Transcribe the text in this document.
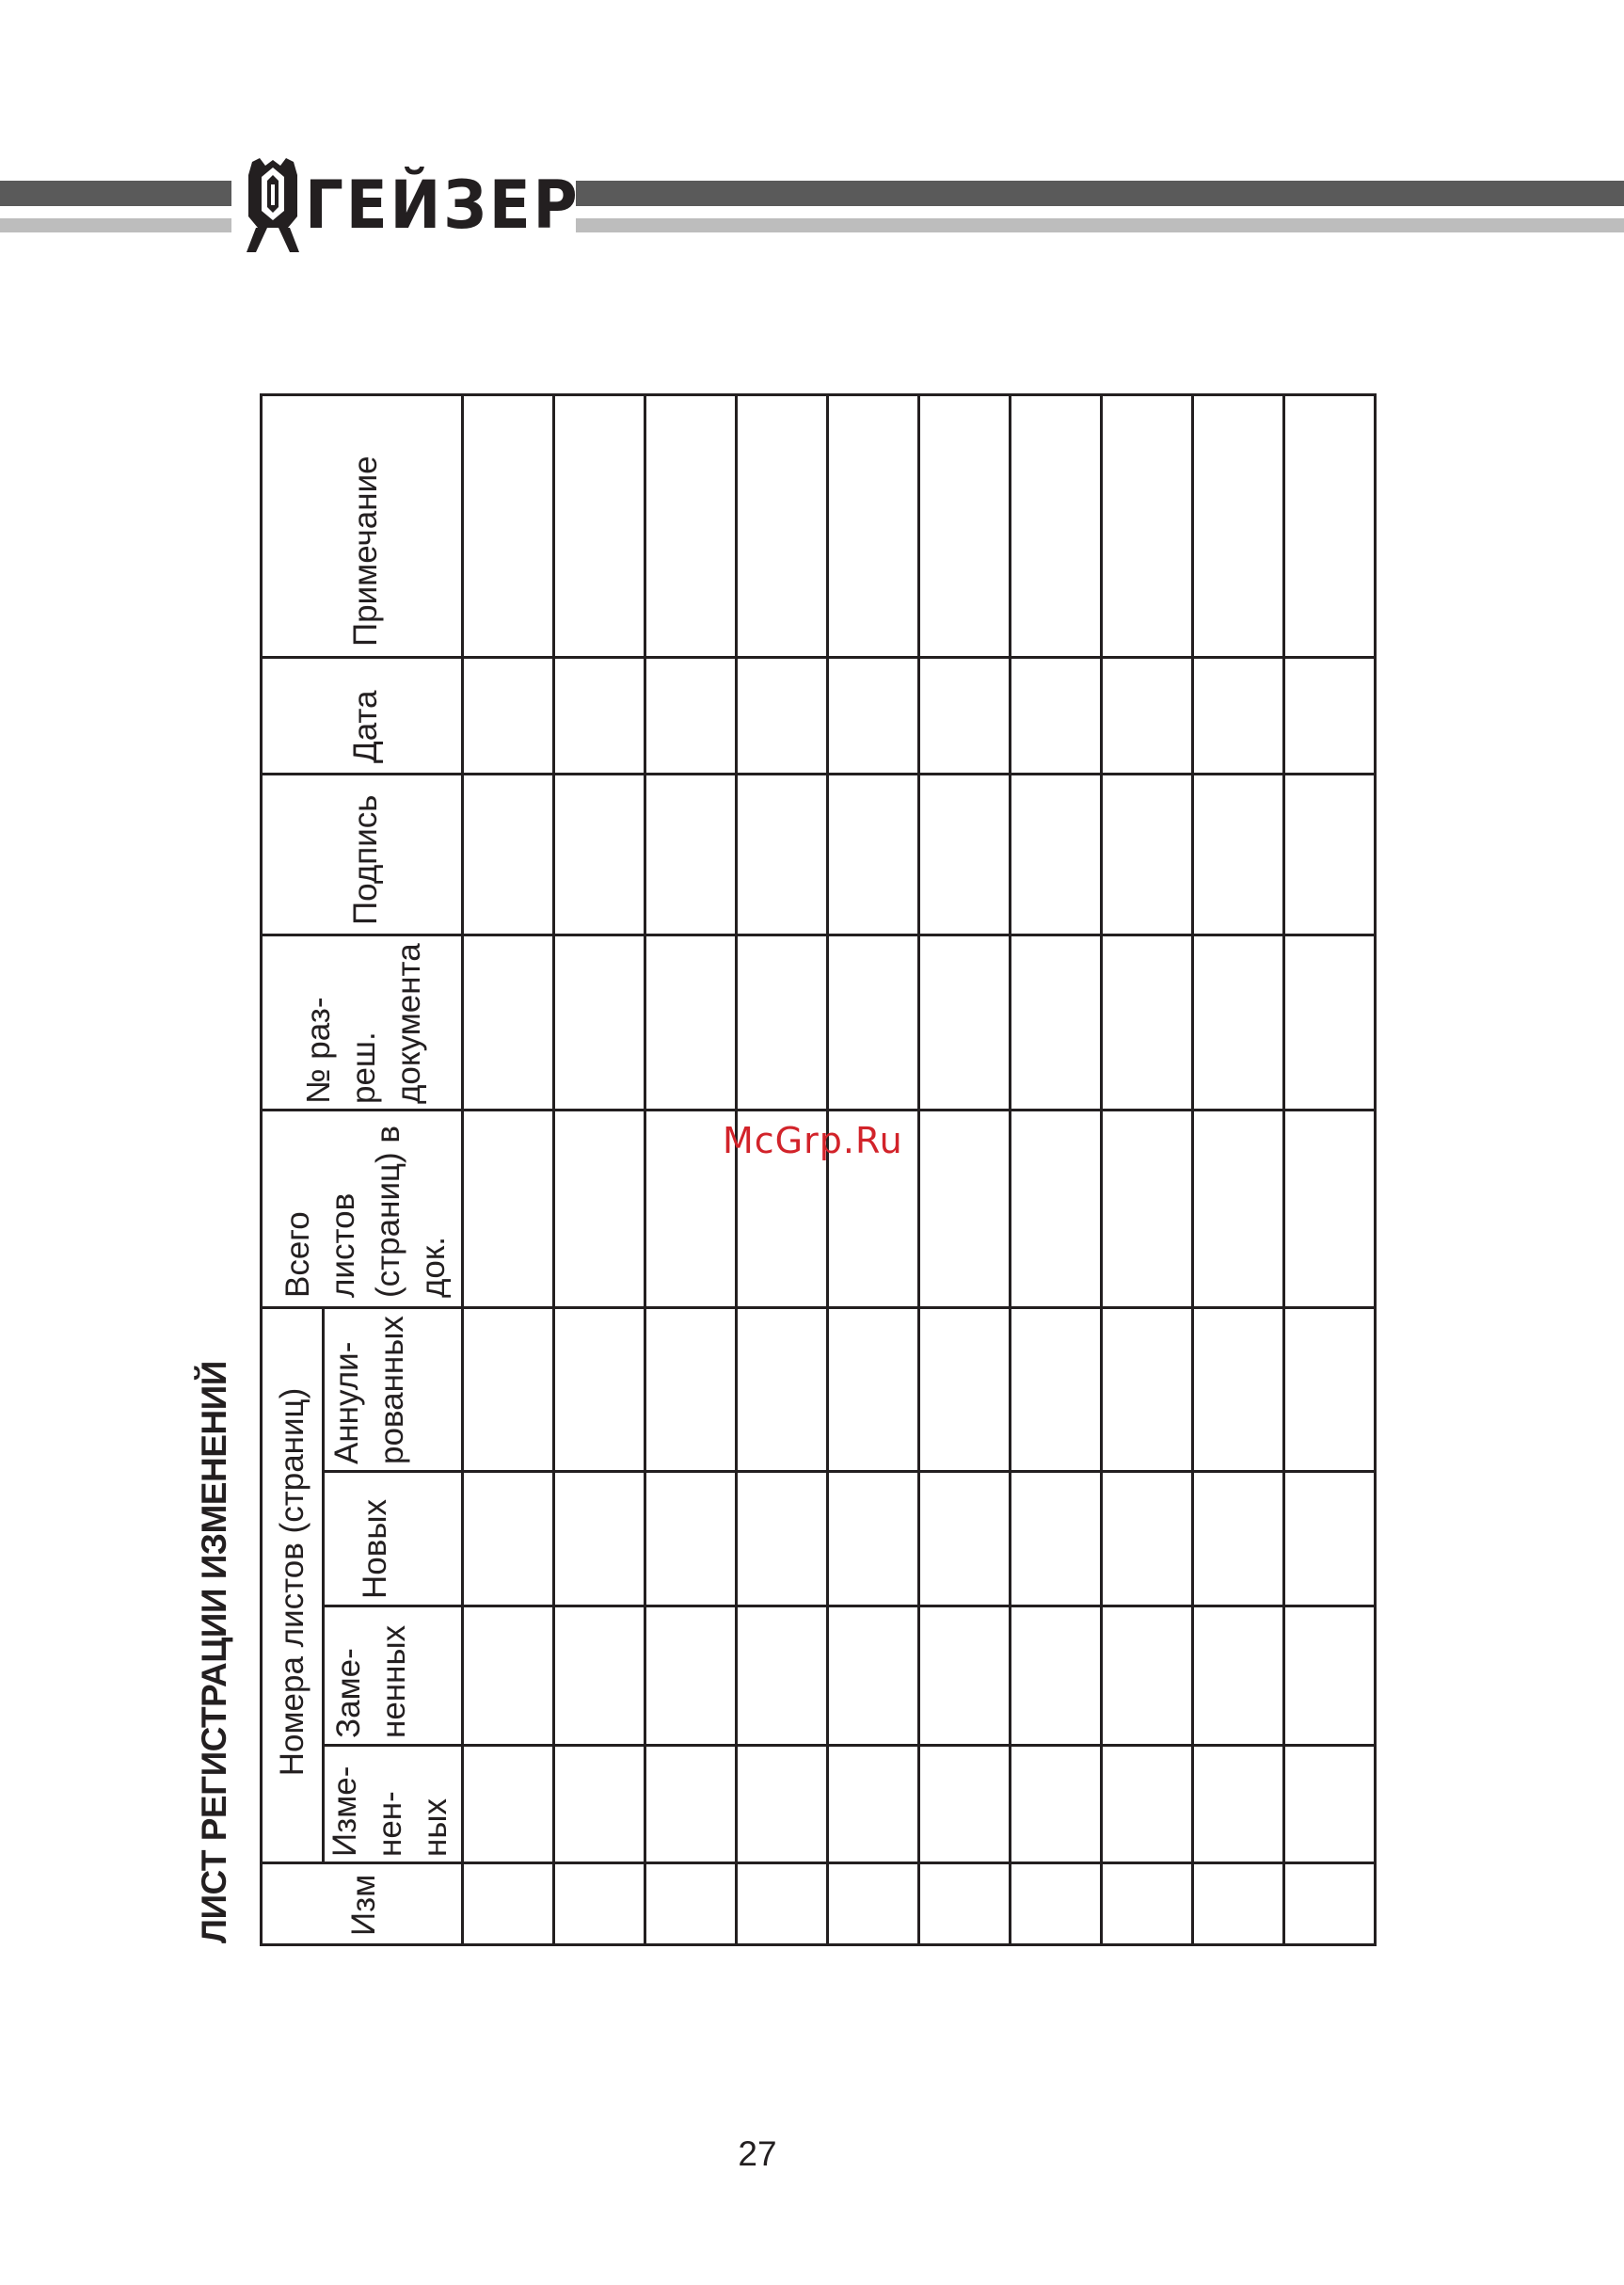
ГЕЙЗЕР
ЛИСТ РЕГИСТРАЦИИ ИЗМЕНЕНИЙ
Примечание
Дата
Подпись
№ раз- реш. документа
Всего листов (страниц) в док.
Номера листов (страниц) Аннули- рованных
Новых
Заме- ненных
Изме- нен- ных
Изм
McGrp.Ru
27
